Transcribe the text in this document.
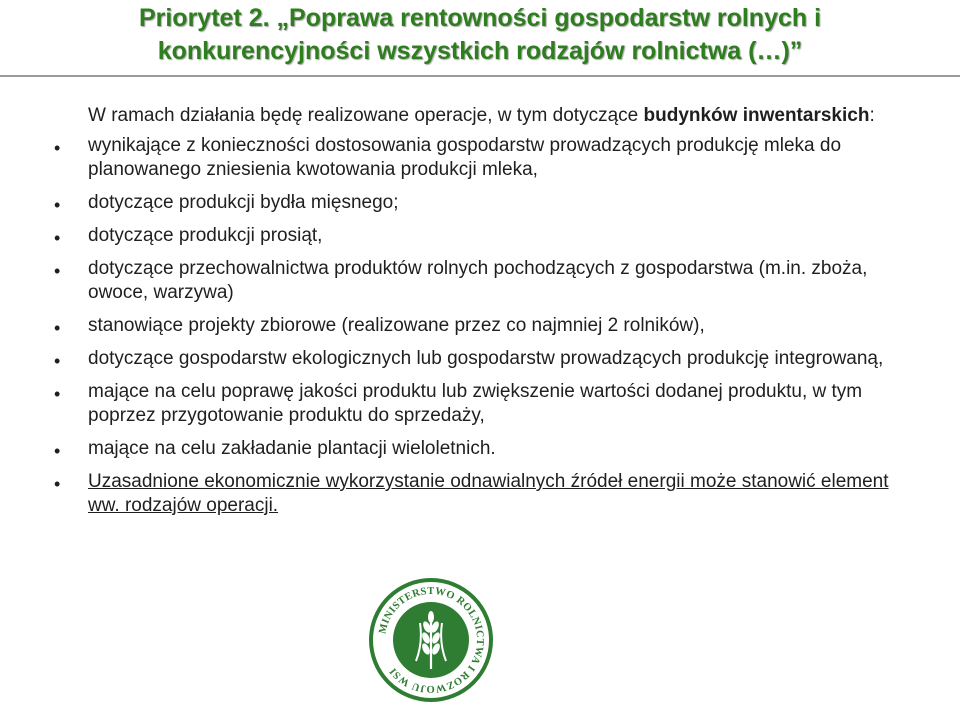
Priorytet 2. „Poprawa rentowności gospodarstw rolnych i
konkurencyjności wszystkich rodzajów rolnictwa (…)”

W ramach działania będę realizowane operacje, w tym dotyczące budynków inwentarskich:

• wynikające z konieczności dostosowania gospodarstw prowadzących produkcję mleka do planowanego zniesienia kwotowania produkcji mleka,
• dotyczące produkcji bydła mięsnego;
• dotyczące produkcji prosiąt,
• dotyczące przechowalnictwa produktów rolnych pochodzących z gospodarstwa (m.in. zboża, owoce, warzywa)
• stanowiące projekty zbiorowe (realizowane przez co najmniej 2 rolników),
• dotyczące gospodarstw ekologicznych lub gospodarstw prowadzących produkcję integrowaną,
• mające na celu poprawę jakości produktu lub zwiększenie wartości dodanej produktu, w tym poprzez przygotowanie produktu do sprzedaży,
• mające na celu zakładanie plantacji wieloletnich.
• Uzasadnione ekonomicznie wykorzystanie odnawialnych źródeł energii może stanowić element ww. rodzajów operacji.
MINISTERSTWO ROLNICTWA I ROZWOJU WSI
